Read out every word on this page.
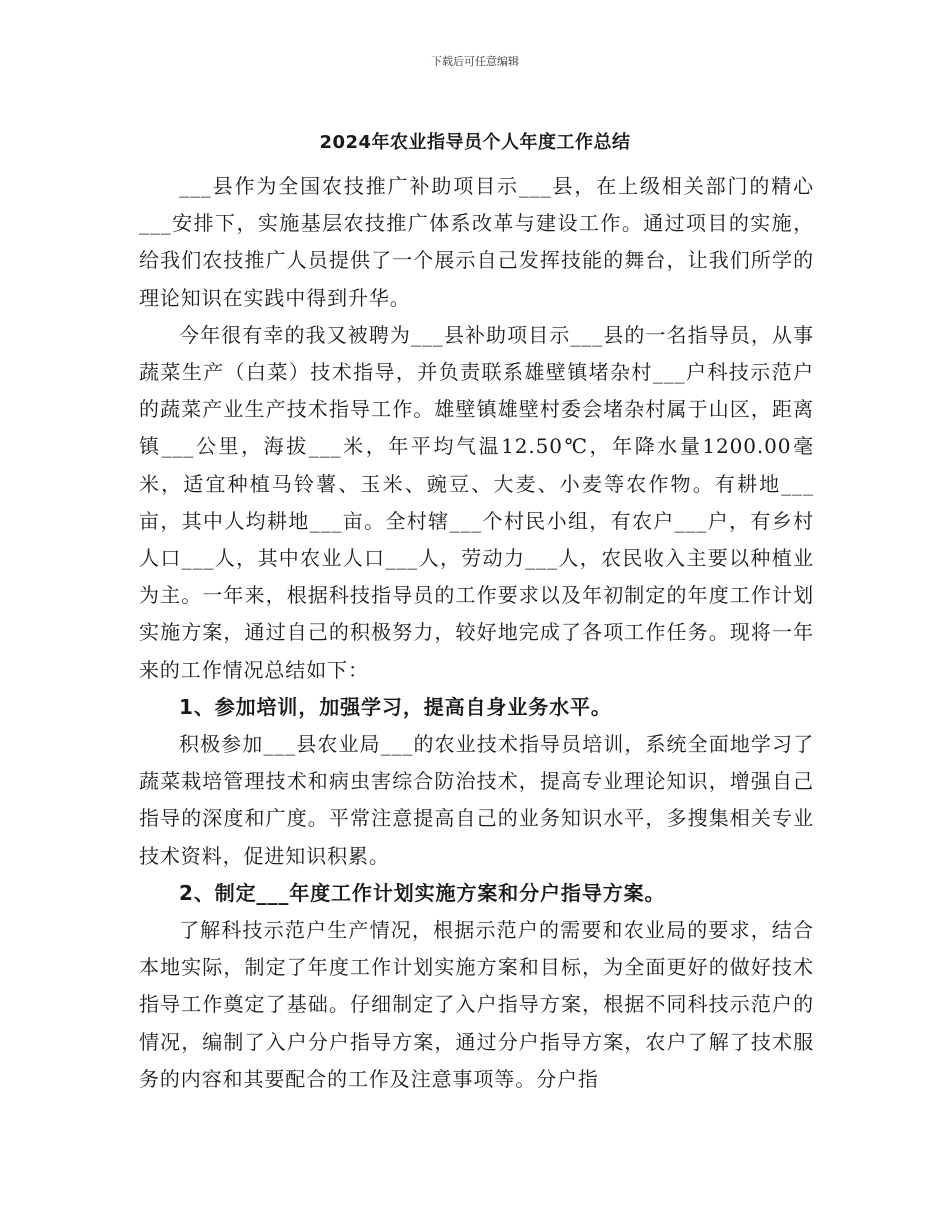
下载后可任意编辑
2024年农业指导员个人年度工作总结

___县作为全国农技推广补助项目示___县，在上级相关部门的精心___安排下，实施基层农技推广体系改革与建设工作。通过项目的实施，给我们农技推广人员提供了一个展示自己发挥技能的舞台，让我们所学的理论知识在实践中得到升华。

今年很有幸的我又被聘为___县补助项目示___县的一名指导员，从事蔬菜生产（白菜）技术指导，并负责联系雄壁镇堵杂村___户科技示范户的蔬菜产业生产技术指导工作。雄壁镇雄壁村委会堵杂村属于山区，距离镇___公里，海拔___米，年平均气温12.50℃，年降水量1200.00毫米，适宜种植马铃薯、玉米、豌豆、大麦、小麦等农作物。有耕地___亩，其中人均耕地___亩。全村辖___个村民小组，有农户___户，有乡村人口___人，其中农业人口___人，劳动力___人，农民收入主要以种植业为主。一年来，根据科技指导员的工作要求以及年初制定的年度工作计划实施方案，通过自己的积极努力，较好地完成了各项工作任务。现将一年来的工作情况总结如下：

1、参加培训，加强学习，提高自身业务水平。

积极参加___县农业局___的农业技术指导员培训，系统全面地学习了蔬菜栽培管理技术和病虫害综合防治技术，提高专业理论知识，增强自己指导的深度和广度。平常注意提高自己的业务知识水平，多搜集相关专业技术资料，促进知识积累。

2、制定___年度工作计划实施方案和分户指导方案。

了解科技示范户生产情况，根据示范户的需要和农业局的要求，结合本地实际，制定了年度工作计划实施方案和目标，为全面更好的做好技术指导工作奠定了基础。仔细制定了入户指导方案，根据不同科技示范户的情况，编制了入户分户指导方案，通过分户指导方案，农户了解了技术服务的内容和其要配合的工作及注意事项等。分户指
